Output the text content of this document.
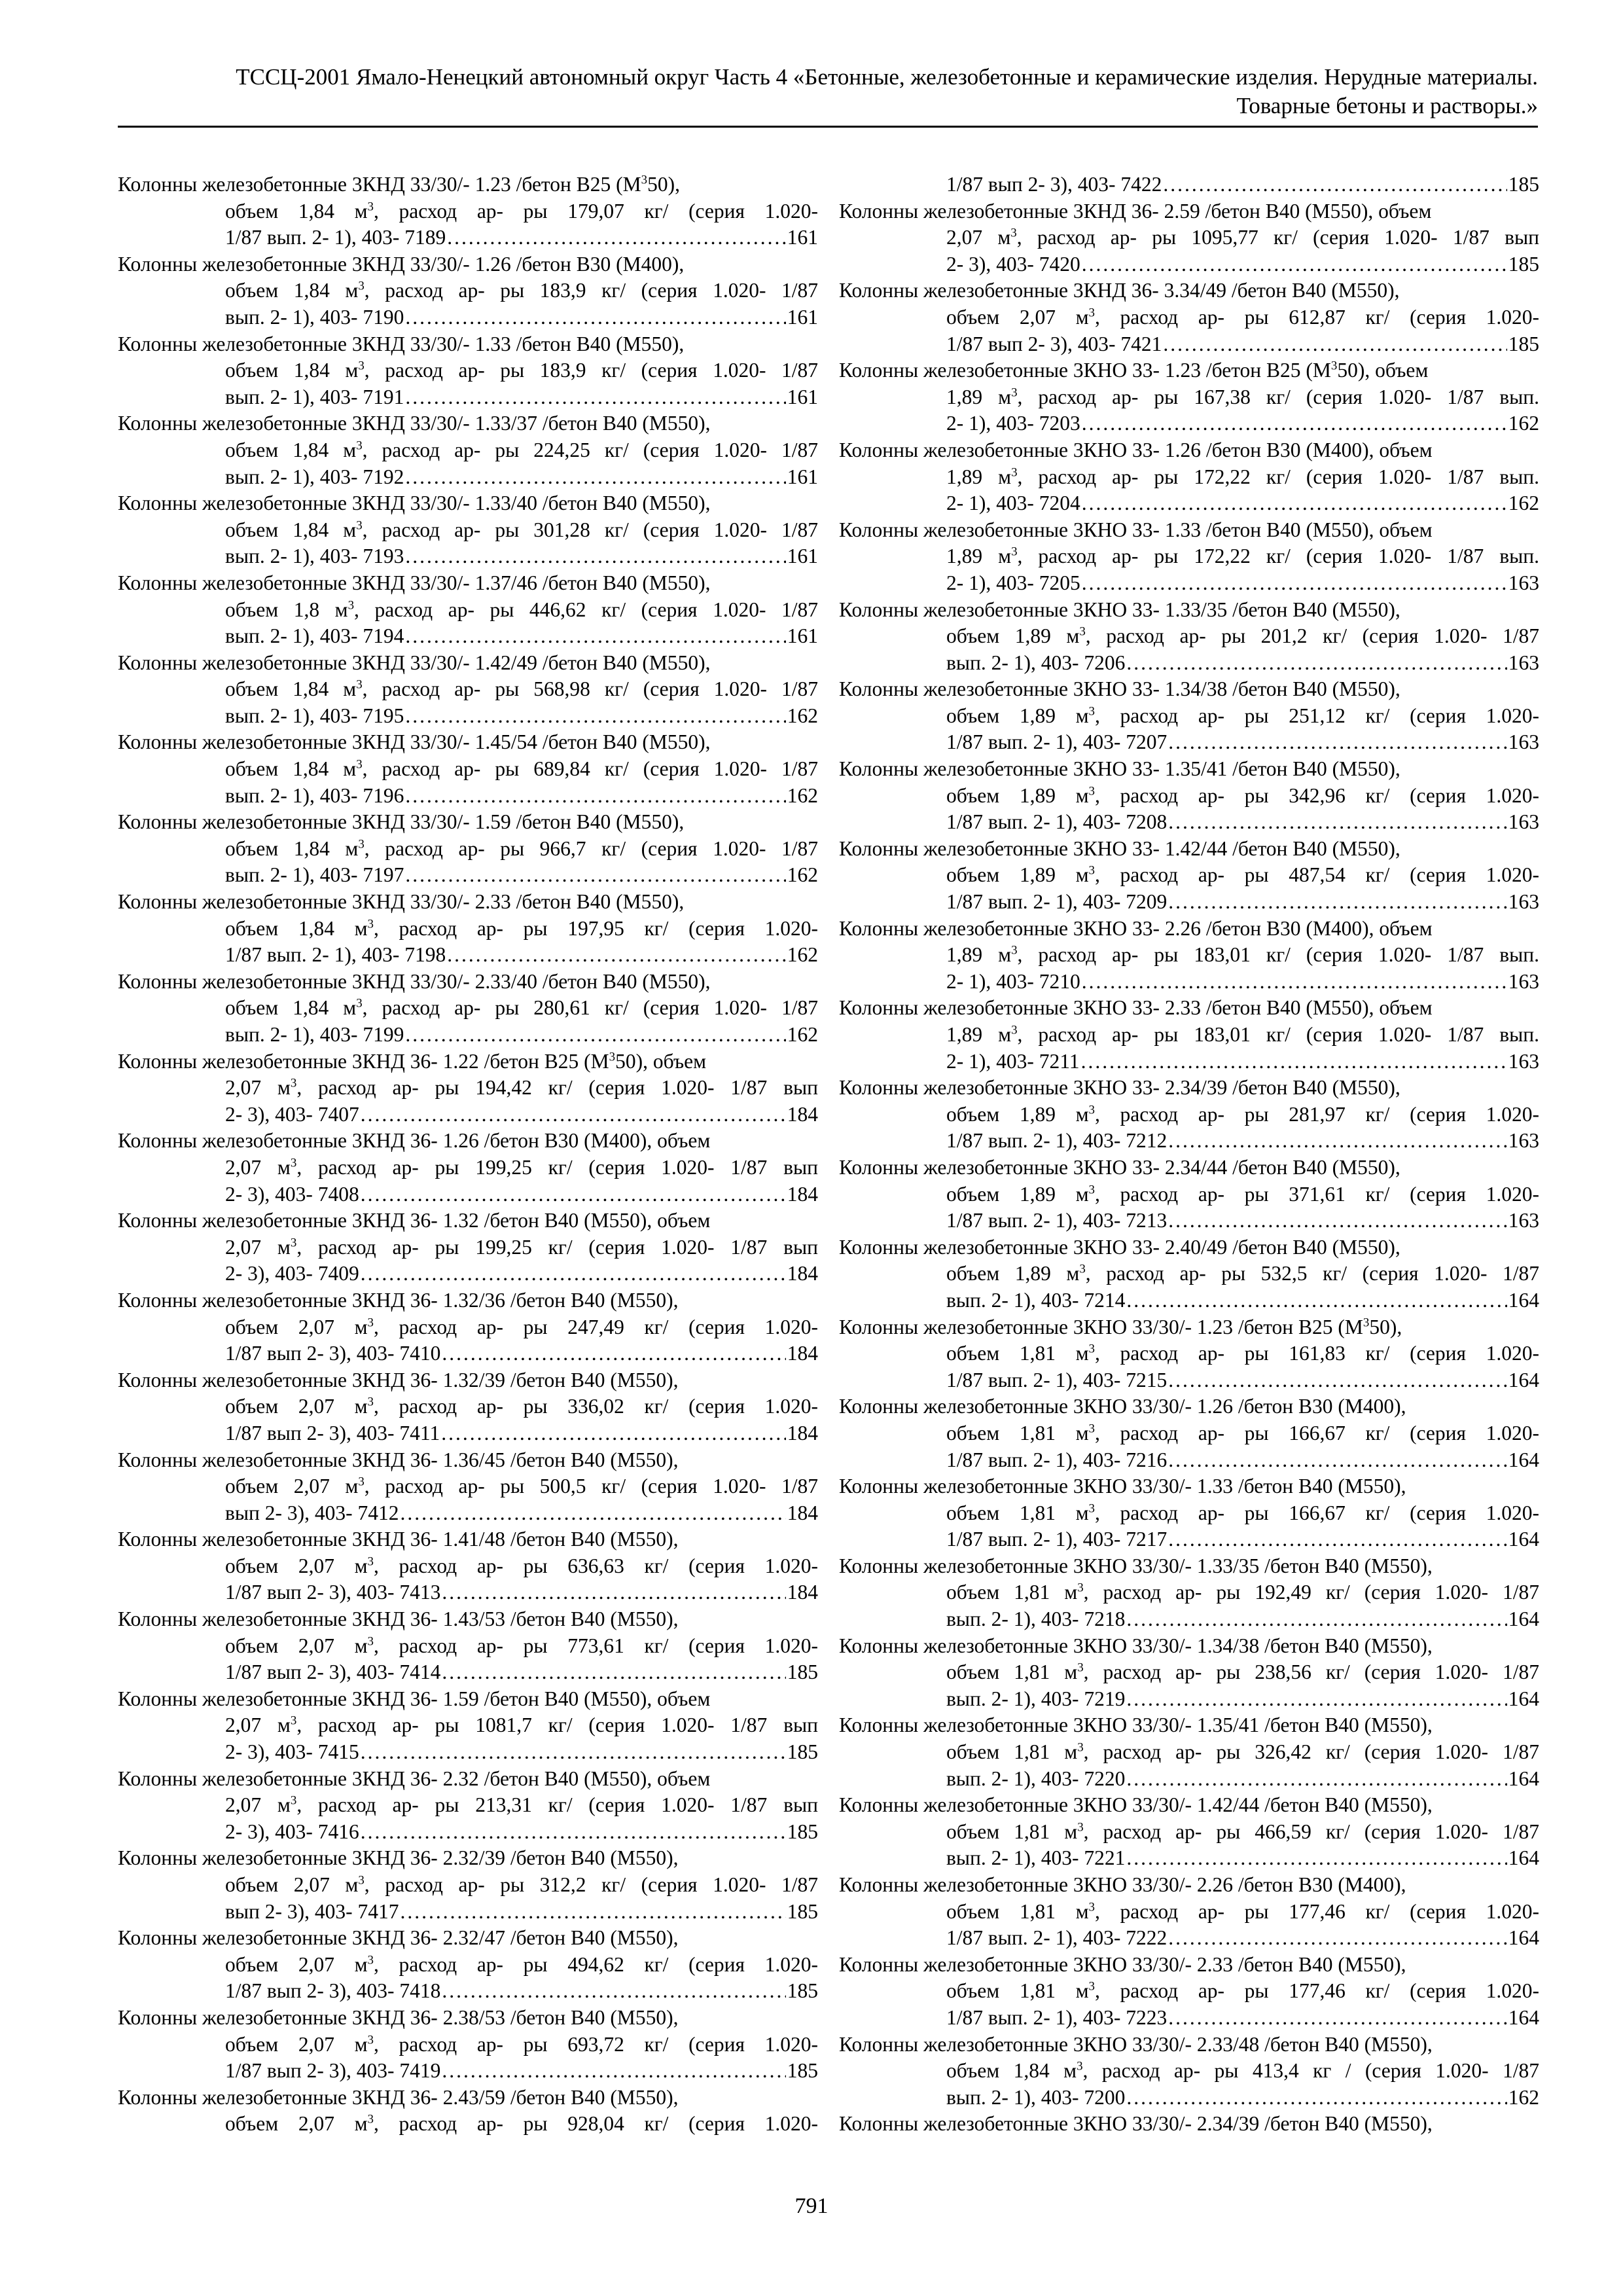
ТССЦ-2001 Ямало-Ненецкий автономный округ Часть 4 «Бетонные, железобетонные и керамические изделия. Нерудные материалы.
Товарные бетоны и растворы.»
Колонны железобетонные 3КНД 33/30/- 1.23 /бетон В25 $(М^350)$,
объем 1,84 $м^3$, расход ар- ры 179,07 кг/ (серия 1.020-
1/87 вып. 2- 1), 403- 7189 .....	161
Колонны железобетонные 3КНД 33/30/- 1.26 /бетон В30 (М400),
объем 1,84 $м^3$, расход ар- ры 183,9 кг/ (серия 1.020- 1/87
вып. 2- 1), 403- 7190 .....	161
Колонны железобетонные 3КНД 33/30/- 1.33 /бетон В40 (М550),
объем 1,84 $м^3$, расход ар- ры 183,9 кг/ (серия 1.020- 1/87
вып. 2- 1), 403- 7191 .....	161
Колонны железобетонные 3КНД 33/30/- 1.33/37 /бетон В40 (М550),
объем 1,84 $м^3$, расход ар- ры 224,25 кг/ (серия 1.020- 1/87
вып. 2- 1), 403- 7192 .....	161
Колонны железобетонные 3КНД 33/30/- 1.33/40 /бетон В40 (М550),
объем 1,84 $м^3$, расход ар- ры 301,28 кг/ (серия 1.020- 1/87
вып. 2- 1), 403- 7193 .....	161
Колонны железобетонные 3КНД 33/30/- 1.37/46 /бетон В40 (М550),
объем 1,8 $м^3$, расход ар- ры 446,62 кг/ (серия 1.020- 1/87
вып. 2- 1), 403- 7194 .....	161
Колонны железобетонные 3КНД 33/30/- 1.42/49 /бетон В40 (М550),
объем 1,84 $м^3$, расход ар- ры 568,98 кг/ (серия 1.020- 1/87
вып. 2- 1), 403- 7195 .....	162
Колонны железобетонные 3КНД 33/30/- 1.45/54 /бетон В40 (М550),
объем 1,84 $м^3$, расход ар- ры 689,84 кг/ (серия 1.020- 1/87
вып. 2- 1), 403- 7196 .....	162
Колонны железобетонные 3КНД 33/30/- 1.59 /бетон В40 (М550),
объем 1,84 $м^3$, расход ар- ры 966,7 кг/ (серия 1.020- 1/87
вып. 2- 1), 403- 7197 .....	162
Колонны железобетонные 3КНД 33/30/- 2.33 /бетон В40 (М550),
объем 1,84 $м^3$, расход ар- ры 197,95 кг/ (серия 1.020-
1/87 вып. 2- 1), 403- 7198 .....	162
Колонны железобетонные 3КНД 33/30/- 2.33/40 /бетон В40 (М550),
объем 1,84 $м^3$, расход ар- ры 280,61 кг/ (серия 1.020- 1/87
вып. 2- 1), 403- 7199 .....	162
Колонны железобетонные 3КНД 36- 1.22 /бетон В25 $(М^350)$, объем
2,07 $м^3$, расход ар- ры 194,42 кг/ (серия 1.020- 1/87 вып
2- 3), 403- 7407 .....	184
Колонны железобетонные 3КНД 36- 1.26 /бетон В30 (М400), объем
2,07 $м^3$, расход ар- ры 199,25 кг/ (серия 1.020- 1/87 вып
2- 3), 403- 7408 .....	184
Колонны железобетонные 3КНД 36- 1.32 /бетон В40 (М550), объем
2,07 $м^3$, расход ар- ры 199,25 кг/ (серия 1.020- 1/87 вып
2- 3), 403- 7409 .....	184
Колонны железобетонные 3КНД 36- 1.32/36 /бетон В40 (М550),
объем 2,07 $м^3$, расход ар- ры 247,49 кг/ (серия 1.020-
1/87 вып 2- 3), 403- 7410 .....	184
Колонны железобетонные 3КНД 36- 1.32/39 /бетон В40 (М550),
объем 2,07 $м^3$, расход ар- ры 336,02 кг/ (серия 1.020-
1/87 вып 2- 3), 403- 7411 .....	184
Колонны железобетонные 3КНД 36- 1.36/45 /бетон В40 (М550),
объем 2,07 $м^3$, расход ар- ры 500,5 кг/ (серия 1.020- 1/87
вып 2- 3), 403- 7412 .....	184
Колонны железобетонные 3КНД 36- 1.41/48 /бетон В40 (М550),
объем 2,07 $м^3$, расход ар- ры 636,63 кг/ (серия 1.020-
1/87 вып 2- 3), 403- 7413 .....	184
Колонны железобетонные 3КНД 36- 1.43/53 /бетон В40 (М550),
объем 2,07 $м^3$, расход ар- ры 773,61 кг/ (серия 1.020-
1/87 вып 2- 3), 403- 7414 .....	185
Колонны железобетонные 3КНД 36- 1.59 /бетон В40 (М550), объем
2,07 $м^3$, расход ар- ры 1081,7 кг/ (серия 1.020- 1/87 вып
2- 3), 403- 7415 .....	185
Колонны железобетонные 3КНД 36- 2.32 /бетон В40 (М550), объем
2,07 $м^3$, расход ар- ры 213,31 кг/ (серия 1.020- 1/87 вып
2- 3), 403- 7416 .....	185
Колонны железобетонные 3КНД 36- 2.32/39 /бетон В40 (М550),
объем 2,07 $м^3$, расход ар- ры 312,2 кг/ (серия 1.020- 1/87
вып 2- 3), 403- 7417 .....	185
Колонны железобетонные 3КНД 36- 2.32/47 /бетон В40 (М550),
объем 2,07 $м^3$, расход ар- ры 494,62 кг/ (серия 1.020-
1/87 вып 2- 3), 403- 7418 .....	185
Колонны железобетонные 3КНД 36- 2.38/53 /бетон В40 (М550),
объем 2,07 $м^3$, расход ар- ры 693,72 кг/ (серия 1.020-
1/87 вып 2- 3), 403- 7419 .....	185
Колонны железобетонные 3КНД 36- 2.43/59 /бетон В40 (М550),
объем 2,07 $м^3$, расход ар- ры 928,04 кг/ (серия 1.020-
1/87 вып 2- 3), 403- 7422 .....	185
Колонны железобетонные 3КНД 36- 2.59 /бетон В40 (М550), объем
2,07 $м^3$, расход ар- ры 1095,77 кг/ (серия 1.020- 1/87 вып
2- 3), 403- 7420 .....	185
Колонны железобетонные 3КНД 36- 3.34/49 /бетон В40 (М550),
объем 2,07 $м^3$, расход ар- ры 612,87 кг/ (серия 1.020-
1/87 вып 2- 3), 403- 7421 .....	185
Колонны железобетонные 3КНО 33- 1.23 /бетон В25 $(М^350)$, объем
1,89 $м^3$, расход ар- ры 167,38 кг/ (серия 1.020- 1/87 вып.
2- 1), 403- 7203 .....	162
Колонны железобетонные 3КНО 33- 1.26 /бетон В30 (М400), объем
1,89 $м^3$, расход ар- ры 172,22 кг/ (серия 1.020- 1/87 вып.
2- 1), 403- 7204 .....	162
Колонны железобетонные 3КНО 33- 1.33 /бетон В40 (М550), объем
1,89 $м^3$, расход ар- ры 172,22 кг/ (серия 1.020- 1/87 вып.
2- 1), 403- 7205 .....	163
Колонны железобетонные 3КНО 33- 1.33/35 /бетон В40 (М550),
объем 1,89 $м^3$, расход ар- ры 201,2 кг/ (серия 1.020- 1/87
вып. 2- 1), 403- 7206 .....	163
Колонны железобетонные 3КНО 33- 1.34/38 /бетон В40 (М550),
объем 1,89 $м^3$, расход ар- ры 251,12 кг/ (серия 1.020-
1/87 вып. 2- 1), 403- 7207 .....	163
Колонны железобетонные 3КНО 33- 1.35/41 /бетон В40 (М550),
объем 1,89 $м^3$, расход ар- ры 342,96 кг/ (серия 1.020-
1/87 вып. 2- 1), 403- 7208 .....	163
Колонны железобетонные 3КНО 33- 1.42/44 /бетон В40 (М550),
объем 1,89 $м^3$, расход ар- ры 487,54 кг/ (серия 1.020-
1/87 вып. 2- 1), 403- 7209 .....	163
Колонны железобетонные 3КНО 33- 2.26 /бетон В30 (М400), объем
1,89 $м^3$, расход ар- ры 183,01 кг/ (серия 1.020- 1/87 вып.
2- 1), 403- 7210 .....	163
Колонны железобетонные 3КНО 33- 2.33 /бетон В40 (М550), объем
1,89 $м^3$, расход ар- ры 183,01 кг/ (серия 1.020- 1/87 вып.
2- 1), 403- 7211 .....	163
Колонны железобетонные 3КНО 33- 2.34/39 /бетон В40 (М550),
объем 1,89 $м^3$, расход ар- ры 281,97 кг/ (серия 1.020-
1/87 вып. 2- 1), 403- 7212 .....	163
Колонны железобетонные 3КНО 33- 2.34/44 /бетон В40 (М550),
объем 1,89 $м^3$, расход ар- ры 371,61 кг/ (серия 1.020-
1/87 вып. 2- 1), 403- 7213 .....	163
Колонны железобетонные 3КНО 33- 2.40/49 /бетон В40 (М550),
объем 1,89 $м^3$, расход ар- ры 532,5 кг/ (серия 1.020- 1/87
вып. 2- 1), 403- 7214 .....	164
Колонны железобетонные 3КНО 33/30/- 1.23 /бетон В25 $(М^350)$,
объем 1,81 $м^3$, расход ар- ры 161,83 кг/ (серия 1.020-
1/87 вып. 2- 1), 403- 7215 .....	164
Колонны железобетонные 3КНО 33/30/- 1.26 /бетон В30 (М400),
объем 1,81 $м^3$, расход ар- ры 166,67 кг/ (серия 1.020-
1/87 вып. 2- 1), 403- 7216 .....	164
Колонны железобетонные 3КНО 33/30/- 1.33 /бетон В40 (М550),
объем 1,81 $м^3$, расход ар- ры 166,67 кг/ (серия 1.020-
1/87 вып. 2- 1), 403- 7217 .....	164
Колонны железобетонные 3КНО 33/30/- 1.33/35 /бетон В40 (М550),
объем 1,81 $м^3$, расход ар- ры 192,49 кг/ (серия 1.020- 1/87
вып. 2- 1), 403- 7218 .....	164
Колонны железобетонные 3КНО 33/30/- 1.34/38 /бетон В40 (М550),
объем 1,81 $м^3$, расход ар- ры 238,56 кг/ (серия 1.020- 1/87
вып. 2- 1), 403- 7219 .....	164
Колонны железобетонные 3КНО 33/30/- 1.35/41 /бетон В40 (М550),
объем 1,81 $м^3$, расход ар- ры 326,42 кг/ (серия 1.020- 1/87
вып. 2- 1), 403- 7220 .....	164
Колонны железобетонные 3КНО 33/30/- 1.42/44 /бетон В40 (М550),
объем 1,81 $м^3$, расход ар- ры 466,59 кг/ (серия 1.020- 1/87
вып. 2- 1), 403- 7221 .....	164
Колонны железобетонные 3КНО 33/30/- 2.26 /бетон В30 (М400),
объем 1,81 $м^3$, расход ар- ры 177,46 кг/ (серия 1.020-
1/87 вып. 2- 1), 403- 7222 .....	164
Колонны железобетонные 3КНО 33/30/- 2.33 /бетон В40 (М550),
объем 1,81 $м^3$, расход ар- ры 177,46 кг/ (серия 1.020-
1/87 вып. 2- 1), 403- 7223 .....	164
Колонны железобетонные 3КНО 33/30/- 2.33/48 /бетон В40 (М550),
объем 1,84 $м^3$, расход ар- ры 413,4 кг / (серия 1.020- 1/87
вып. 2- 1), 403- 7200 .....	162
Колонны железобетонные 3КНО 33/30/- 2.34/39 /бетон В40 (М550),
791
